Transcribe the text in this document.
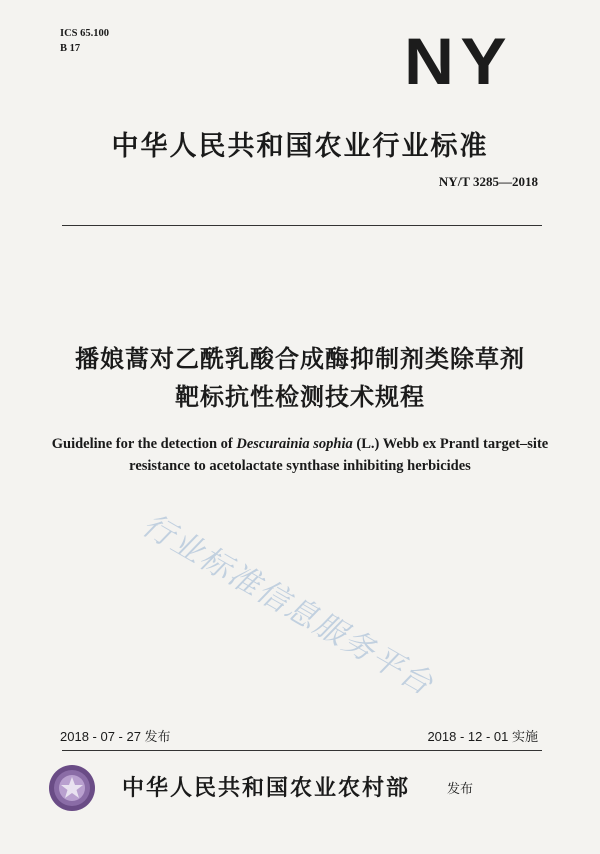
ICS 65.100
B 17	NY
中华人民共和国农业行业标准
NY/T 3285—2018
播娘蒿对乙酰乳酸合成酶抑制剂类除草剂
靶标抗性检测技术规程
Guideline for the detection of Descurainia sophia (L.) Webb ex Prantl target–site
resistance to acetolactate synthase inhibiting herbicides
行业标准信息服务平台
2018 - 07 - 27 发布	2018 - 12 - 01 实施
中华人民共和国农业农村部	发布
